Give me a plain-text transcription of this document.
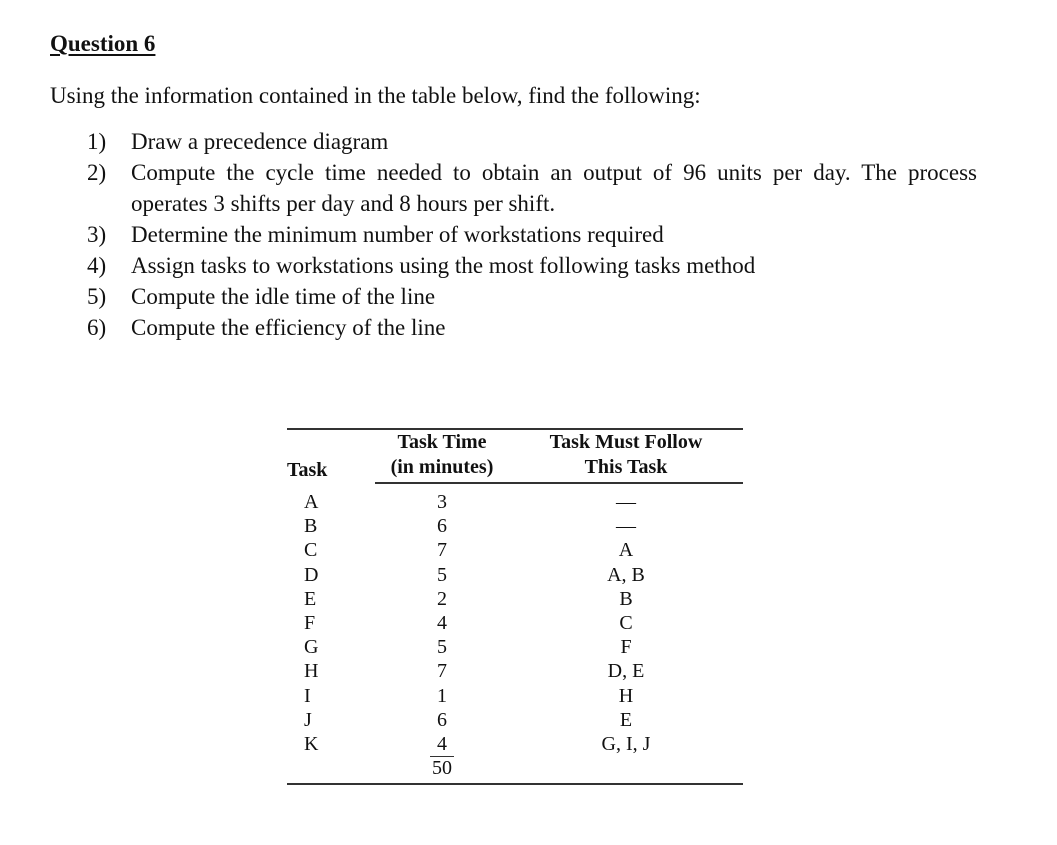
Question 6

Using the information contained in the table below, find the following:

1)	Draw a precedence diagram
2)	Compute the cycle time needed to obtain an output of 96 units per day. The process operates 3 shifts per day and 8 hours per shift.
3)	Determine the minimum number of workstations required
4)	Assign tasks to workstations using the most following tasks method
5)	Compute the idle time of the line
6)	Compute the efficiency of the line
Task	Task Time	Task Must Follow
	(in minutes)	This Task
A	3	—
B	6	—
C	7	A
D	5	A, B
E	2	B
F	4	C
G	5	F
H	7	D, E
I	1	H
J	6	E
K	4	G, I, J
	50	
